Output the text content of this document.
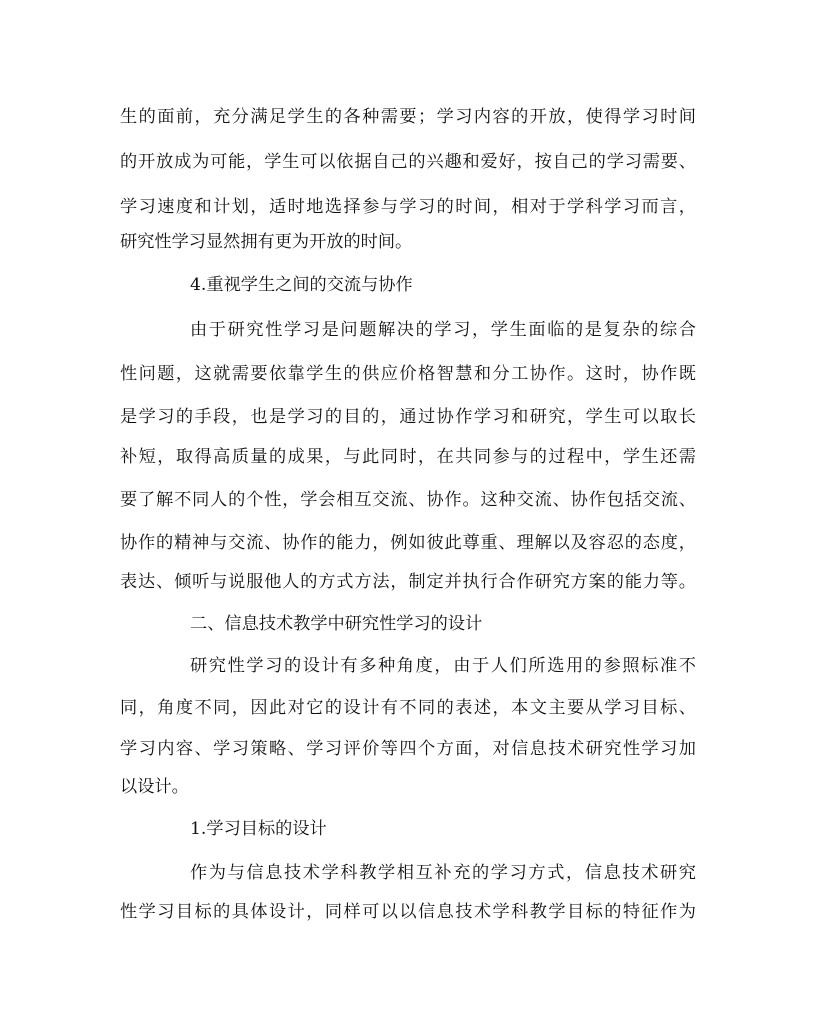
生的面前，充分满足学生的各种需要；学习内容的开放，使得学习时间
的开放成为可能，学生可以依据自己的兴趣和爱好，按自己的学习需要、
学习速度和计划，适时地选择参与学习的时间，相对于学科学习而言，
研究性学习显然拥有更为开放的时间。
4.重视学生之间的交流与协作
由于研究性学习是问题解决的学习，学生面临的是复杂的综合
性问题，这就需要依靠学生的供应价格智慧和分工协作。这时，协作既
是学习的手段，也是学习的目的，通过协作学习和研究，学生可以取长
补短，取得高质量的成果，与此同时，在共同参与的过程中，学生还需
要了解不同人的个性，学会相互交流、协作。这种交流、协作包括交流、
协作的精神与交流、协作的能力，例如彼此尊重、理解以及容忍的态度，
表达、倾听与说服他人的方式方法，制定并执行合作研究方案的能力等。
二、信息技术教学中研究性学习的设计
研究性学习的设计有多种角度，由于人们所选用的参照标准不
同，角度不同，因此对它的设计有不同的表述，本文主要从学习目标、
学习内容、学习策略、学习评价等四个方面，对信息技术研究性学习加
以设计。
1.学习目标的设计
作为与信息技术学科教学相互补充的学习方式，信息技术研究
性学习目标的具体设计，同样可以以信息技术学科教学目标的特征作为
